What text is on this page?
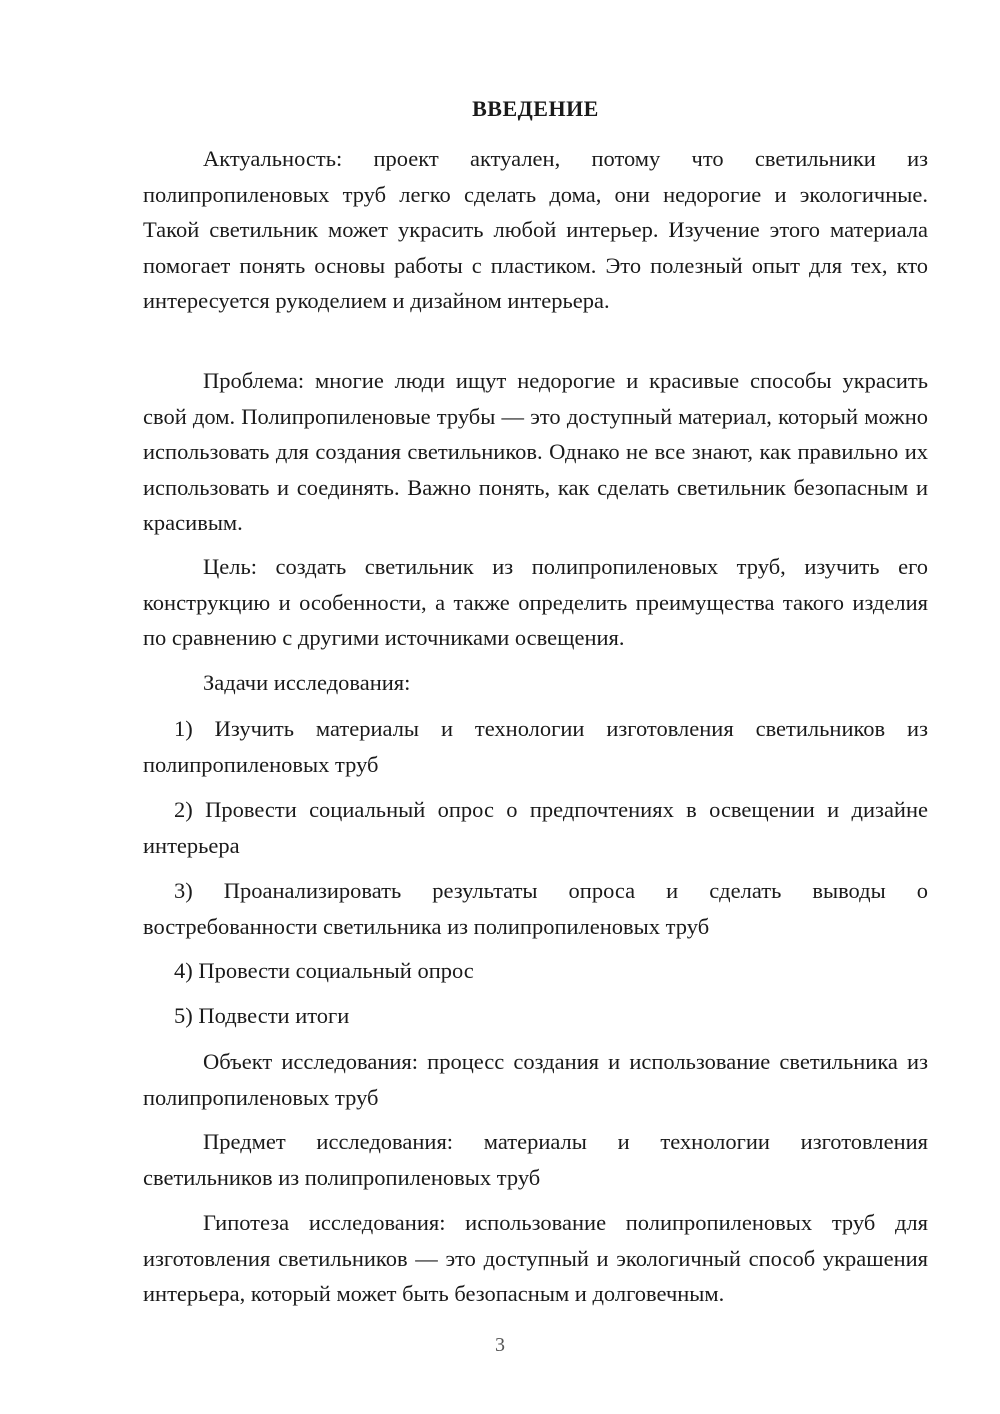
ВВЕДЕНИЕ

Актуальность: проект актуален, потому что светильники из полипропиленовых труб легко сделать дома, они недорогие и экологичные. Такой светильник может украсить любой интерьер. Изучение этого материала помогает понять основы работы с пластиком. Это полезный опыт для тех, кто интересуется рукоделием и дизайном интерьера.

Проблема: многие люди ищут недорогие и красивые способы украсить свой дом. Полипропиленовые трубы — это доступный материал, который можно использовать для создания светильников. Однако не все знают, как правильно их использовать и соединять. Важно понять, как сделать светильник безопасным и красивым.

Цель: создать светильник из полипропиленовых труб, изучить его конструкцию и особенности, а также определить преимущества такого изделия по сравнению с другими источниками освещения.

Задачи исследования:

1) Изучить материалы и технологии изготовления светильников из полипропиленовых труб

2) Провести социальный опрос о предпочтениях в освещении и дизайне интерьера

3) Проанализировать результаты опроса и сделать выводы о востребованности светильника из полипропиленовых труб

4) Провести социальный опрос

5) Подвести итоги

Объект исследования: процесс создания и использование светильника из полипропиленовых труб

Предмет исследования: материалы и технологии изготовления светильников из полипропиленовых труб

Гипотеза исследования: использование полипропиленовых труб для изготовления светильников — это доступный и экологичный способ украшения интерьера, который может быть безопасным и долговечным.

3
